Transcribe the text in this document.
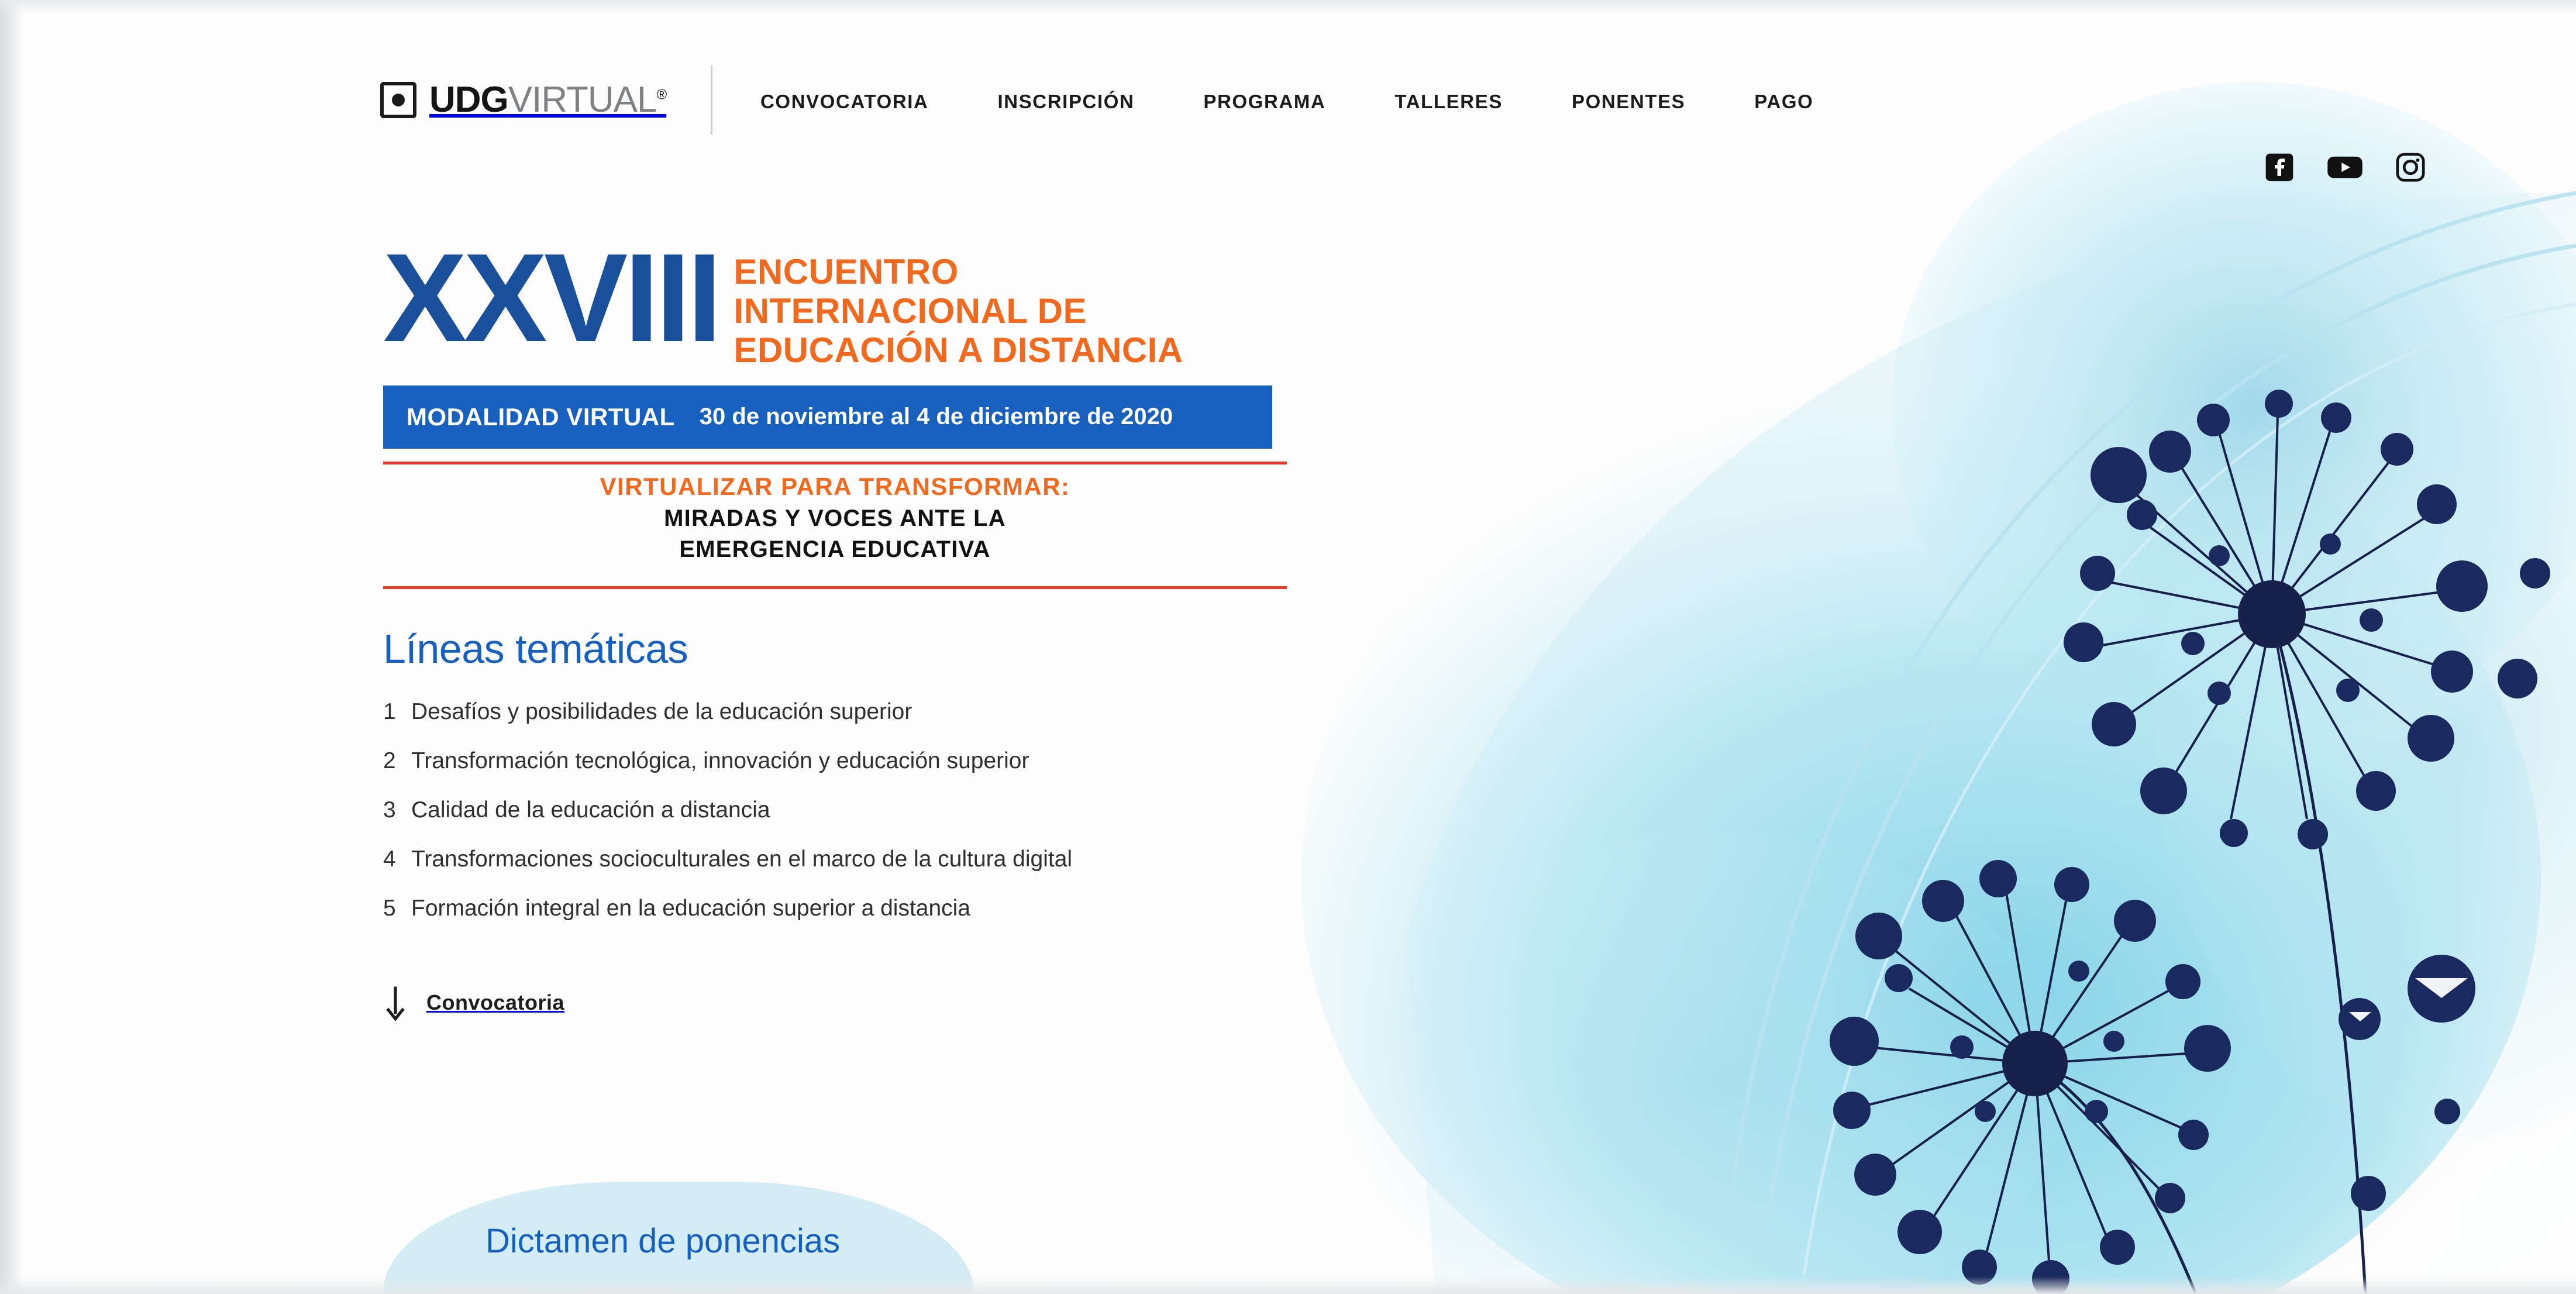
UDGVIRTUAL®	CONVOCATORIA	INSCRIPCIÓN	PROGRAMA	TALLERES	PONENTES	PAGO
XXVIII ENCUENTRO
INTERNACIONAL DE
EDUCACIÓN A DISTANCIA
MODALIDAD VIRTUAL 30 de noviembre al 4 de diciembre de 2020
VIRTUALIZAR PARA TRANSFORMAR:
MIRADAS Y VOCES ANTE LA
EMERGENCIA EDUCATIVA
Líneas temáticas
1 Desafíos y posibilidades de la educación superior
2 Transformación tecnológica, innovación y educación superior
3 Calidad de la educación a distancia
4 Transformaciones socioculturales en el marco de la cultura digital
5 Formación integral en la educación superior a distancia
Convocatoria
Dictamen de ponencias
